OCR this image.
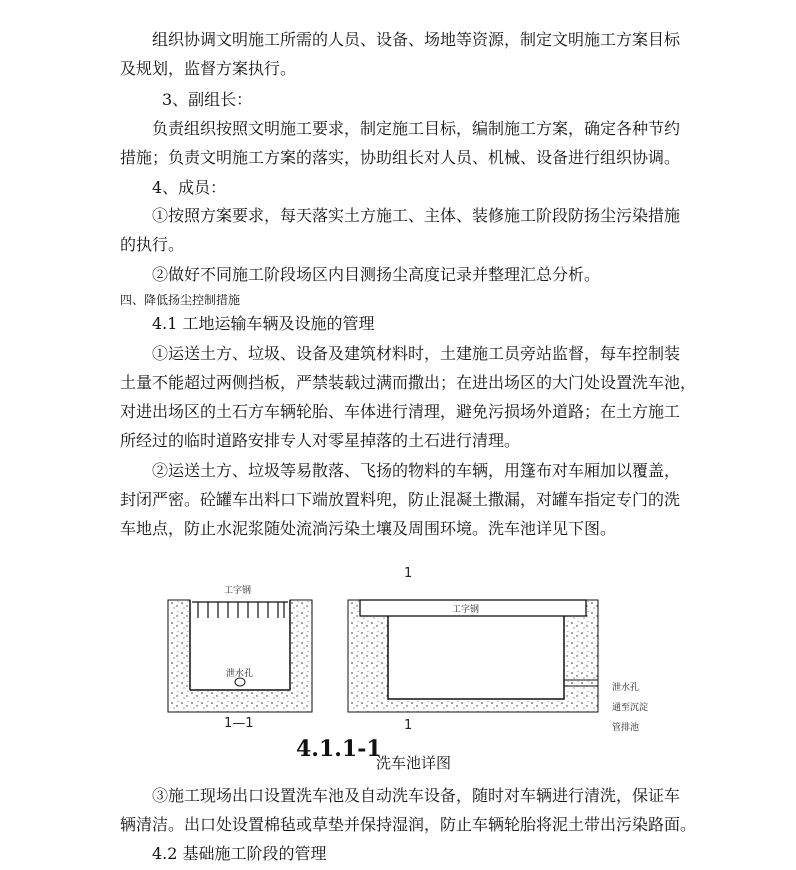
组织协调文明施工所需的人员、设备、场地等资源，制定文明施工方案目标
及规划，监督方案执行。
3、副组长：
负责组织按照文明施工要求，制定施工目标，编制施工方案，确定各种节约
措施；负责文明施工方案的落实，协助组长对人员、机械、设备进行组织协调。
4、成员：
①按照方案要求，每天落实土方施工、主体、装修施工阶段防扬尘污染措施
的执行。
②做好不同施工阶段场区内目测扬尘高度记录并整理汇总分析。
四、降低扬尘控制措施
4.1 工地运输车辆及设施的管理
①运送土方、垃圾、设备及建筑材料时，土建施工员旁站监督，每车控制装
土量不能超过两侧挡板，严禁装载过满而撒出；在进出场区的大门处设置洗车池，
对进出场区的土石方车辆轮胎、车体进行清理，避免污损场外道路；在土方施工
所经过的临时道路安排专人对零星掉落的土石进行清理。
②运送土方、垃圾等易散落、飞扬的物料的车辆，用篷布对车厢加以覆盖，
封闭严密。砼罐车出料口下端放置料兜，防止混凝土撒漏，对罐车指定专门的洗
车地点，防止水泥浆随处流淌污染土壤及周围环境。洗车池详见下图。
工字钢
泄水孔
1—1
工字钢
1
1
泄水孔
通至沉淀
管排池
4.1.1-1
洗车池详图
③施工现场出口设置洗车池及自动洗车设备，随时对车辆进行清洗，保证车
辆清洁。出口处设置棉毡或草垫并保持湿润，防止车辆轮胎将泥土带出污染路面。
4.2 基础施工阶段的管理
